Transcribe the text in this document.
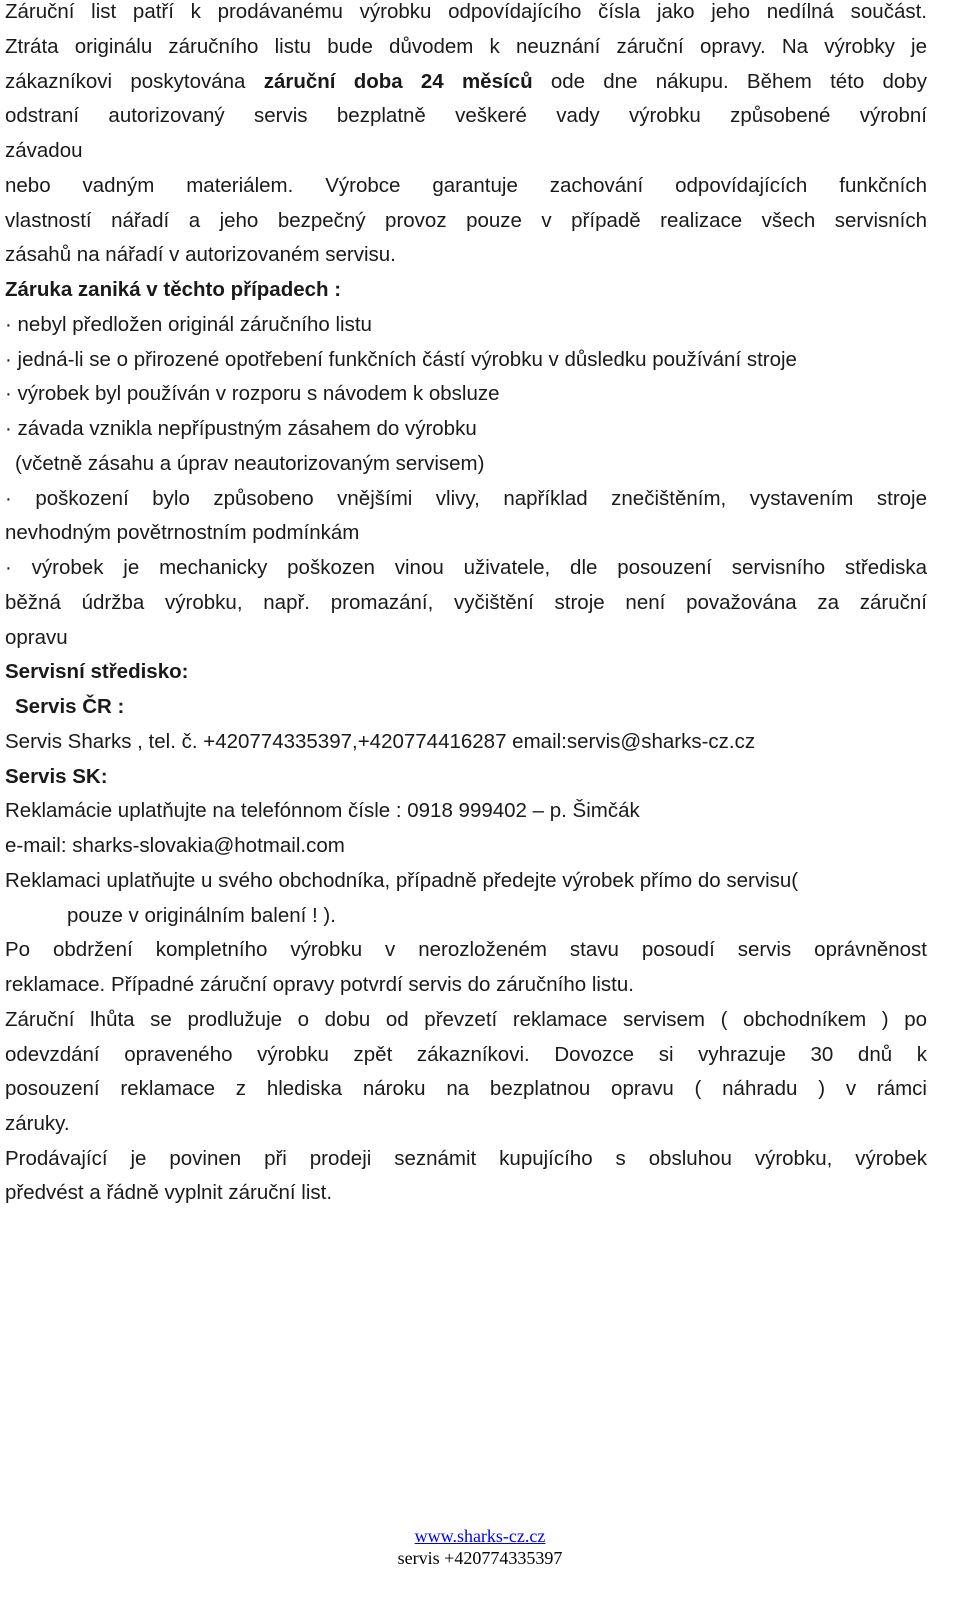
Záruční list patří k prodávanému výrobku odpovídajícího čísla jako jeho nedílná součást.
Ztráta originálu záručního listu bude důvodem k neuznání záruční opravy. Na výrobky je
zákazníkovi poskytována záruční doba 24 měsíců ode dne nákupu. Během této doby
odstraní autorizovaný servis bezplatně veškeré vady výrobku způsobené výrobní
závadou
nebo vadným materiálem. Výrobce garantuje zachování odpovídajících funkčních
vlastností nářadí a jeho bezpečný provoz pouze v případě realizace všech servisních
zásahů na nářadí v autorizovaném servisu.
Záruka zaniká v těchto případech :
· nebyl předložen originál záručního listu
· jedná-li se o přirozené opotřebení funkčních částí výrobku v důsledku používání stroje
· výrobek byl používán v rozporu s návodem k obsluze
· závada vznikla nepřípustným zásahem do výrobku
(včetně zásahu a úprav neautorizovaným servisem)
· poškození bylo způsobeno vnějšími vlivy, například znečištěním, vystavením stroje
nevhodným povětrnostním podmínkám
· výrobek je mechanicky poškozen vinou uživatele, dle posouzení servisního střediska
běžná údržba výrobku, např. promazání, vyčištění stroje není považována za záruční
opravu
Servisní středisko:
Servis ČR :
Servis Sharks , tel. č. +420774335397,+420774416287 email:servis@sharks-cz.cz
Servis SK:
Reklamácie uplatňujte na telefónnom čísle : 0918 999402 – p. Šimčák
e-mail: sharks-slovakia@hotmail.com
Reklamaci uplatňujte u svého obchodníka, případně předejte výrobek přímo do servisu(
pouze v originálním balení ! ).
Po obdržení kompletního výrobku v nerozloženém stavu posoudí servis oprávněnost
reklamace. Případné záruční opravy potvrdí servis do záručního listu.
Záruční lhůta se prodlužuje o dobu od převzetí reklamace servisem ( obchodníkem ) po
odevzdání opraveného výrobku zpět zákazníkovi. Dovozce si vyhrazuje 30 dnů k
posouzení reklamace z hlediska nároku na bezplatnou opravu ( náhradu ) v rámci
záruky.
Prodávající je povinen při prodeji seznámit kupujícího s obsluhou výrobku, výrobek
předvést a řádně vyplnit záruční list.
www.sharks-cz.cz
servis +420774335397
